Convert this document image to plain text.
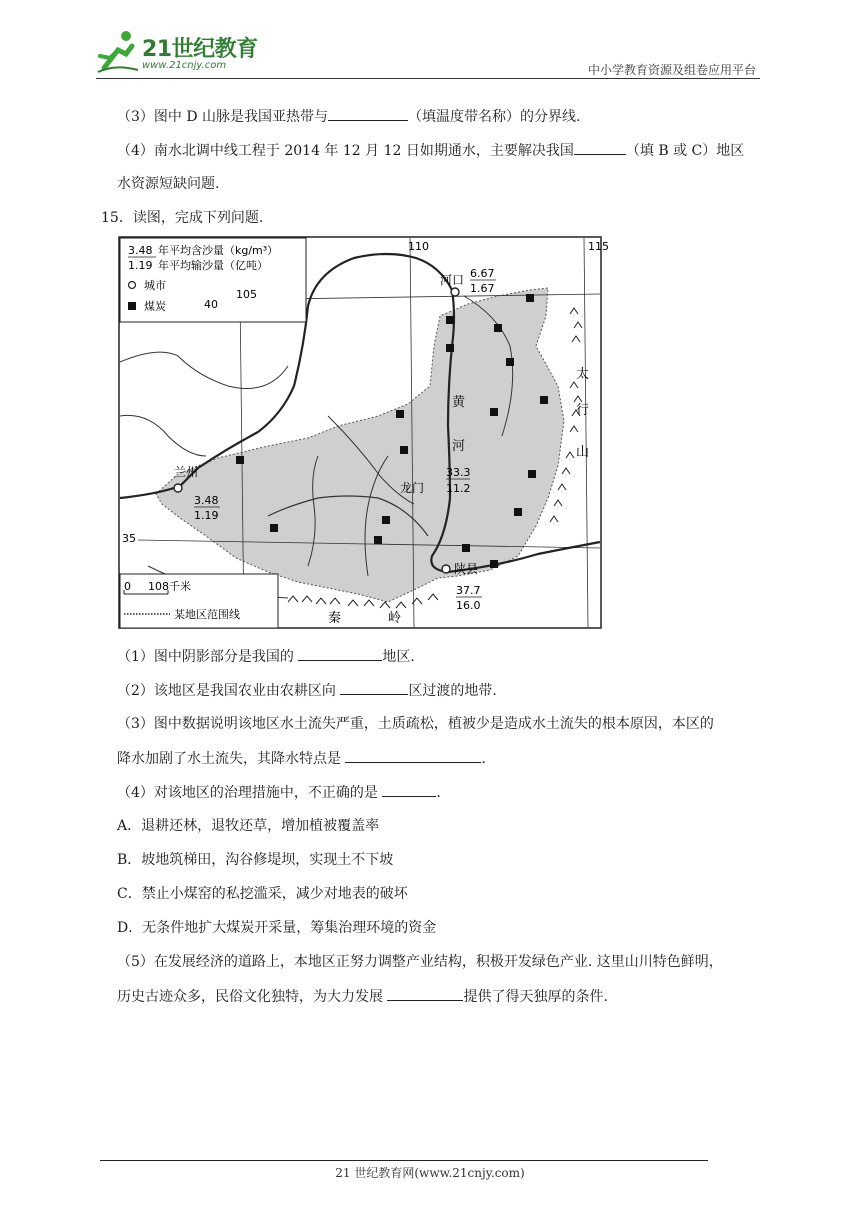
21世纪教育
www.21cnjy.com	中小学教育资源及组卷应用平台
（3）图中 D 山脉是我国亚热带与	（填温度带名称）的分界线.
（4）南水北调中线工程于 2014 年 12 月 12 日如期通水，主要解决我国	（填 B 或 C）地区
水资源短缺问题.
15．读图，完成下列问题.
3.48
1.19
年平均含沙量（kg/m³）
年平均输沙量（亿吨）
城市
煤炭
105
110	115
40
35
河口 6.67
1.67
兰州
3.48
1.19
龙门
33.3
11.2
陕县
37.7
16.0
黄
河
太
行
山
秦	岭
0 108千米
某地区范围线
（1）图中阴影部分是我国的	地区.
（2）该地区是我国农业由农耕区向	区过渡的地带.
（3）图中数据说明该地区水土流失严重，土质疏松，植被少是造成水土流失的根本原因，本区的
降水加剧了水土流失，其降水特点是	.
（4）对该地区的治理措施中，不正确的是	.
A．退耕还林，退牧还草，增加植被覆盖率
B．坡地筑梯田，沟谷修堤坝，实现土不下坡
C．禁止小煤窑的私挖滥采，减少对地表的破坏
D．无条件地扩大煤炭开采量，筹集治理环境的资金
（5）在发展经济的道路上，本地区正努力调整产业结构，积极开发绿色产业. 这里山川特色鲜明，
历史古迹众多，民俗文化独特，为大力发展	提供了得天独厚的条件.
21 世纪教育网(www.21cnjy.com)
